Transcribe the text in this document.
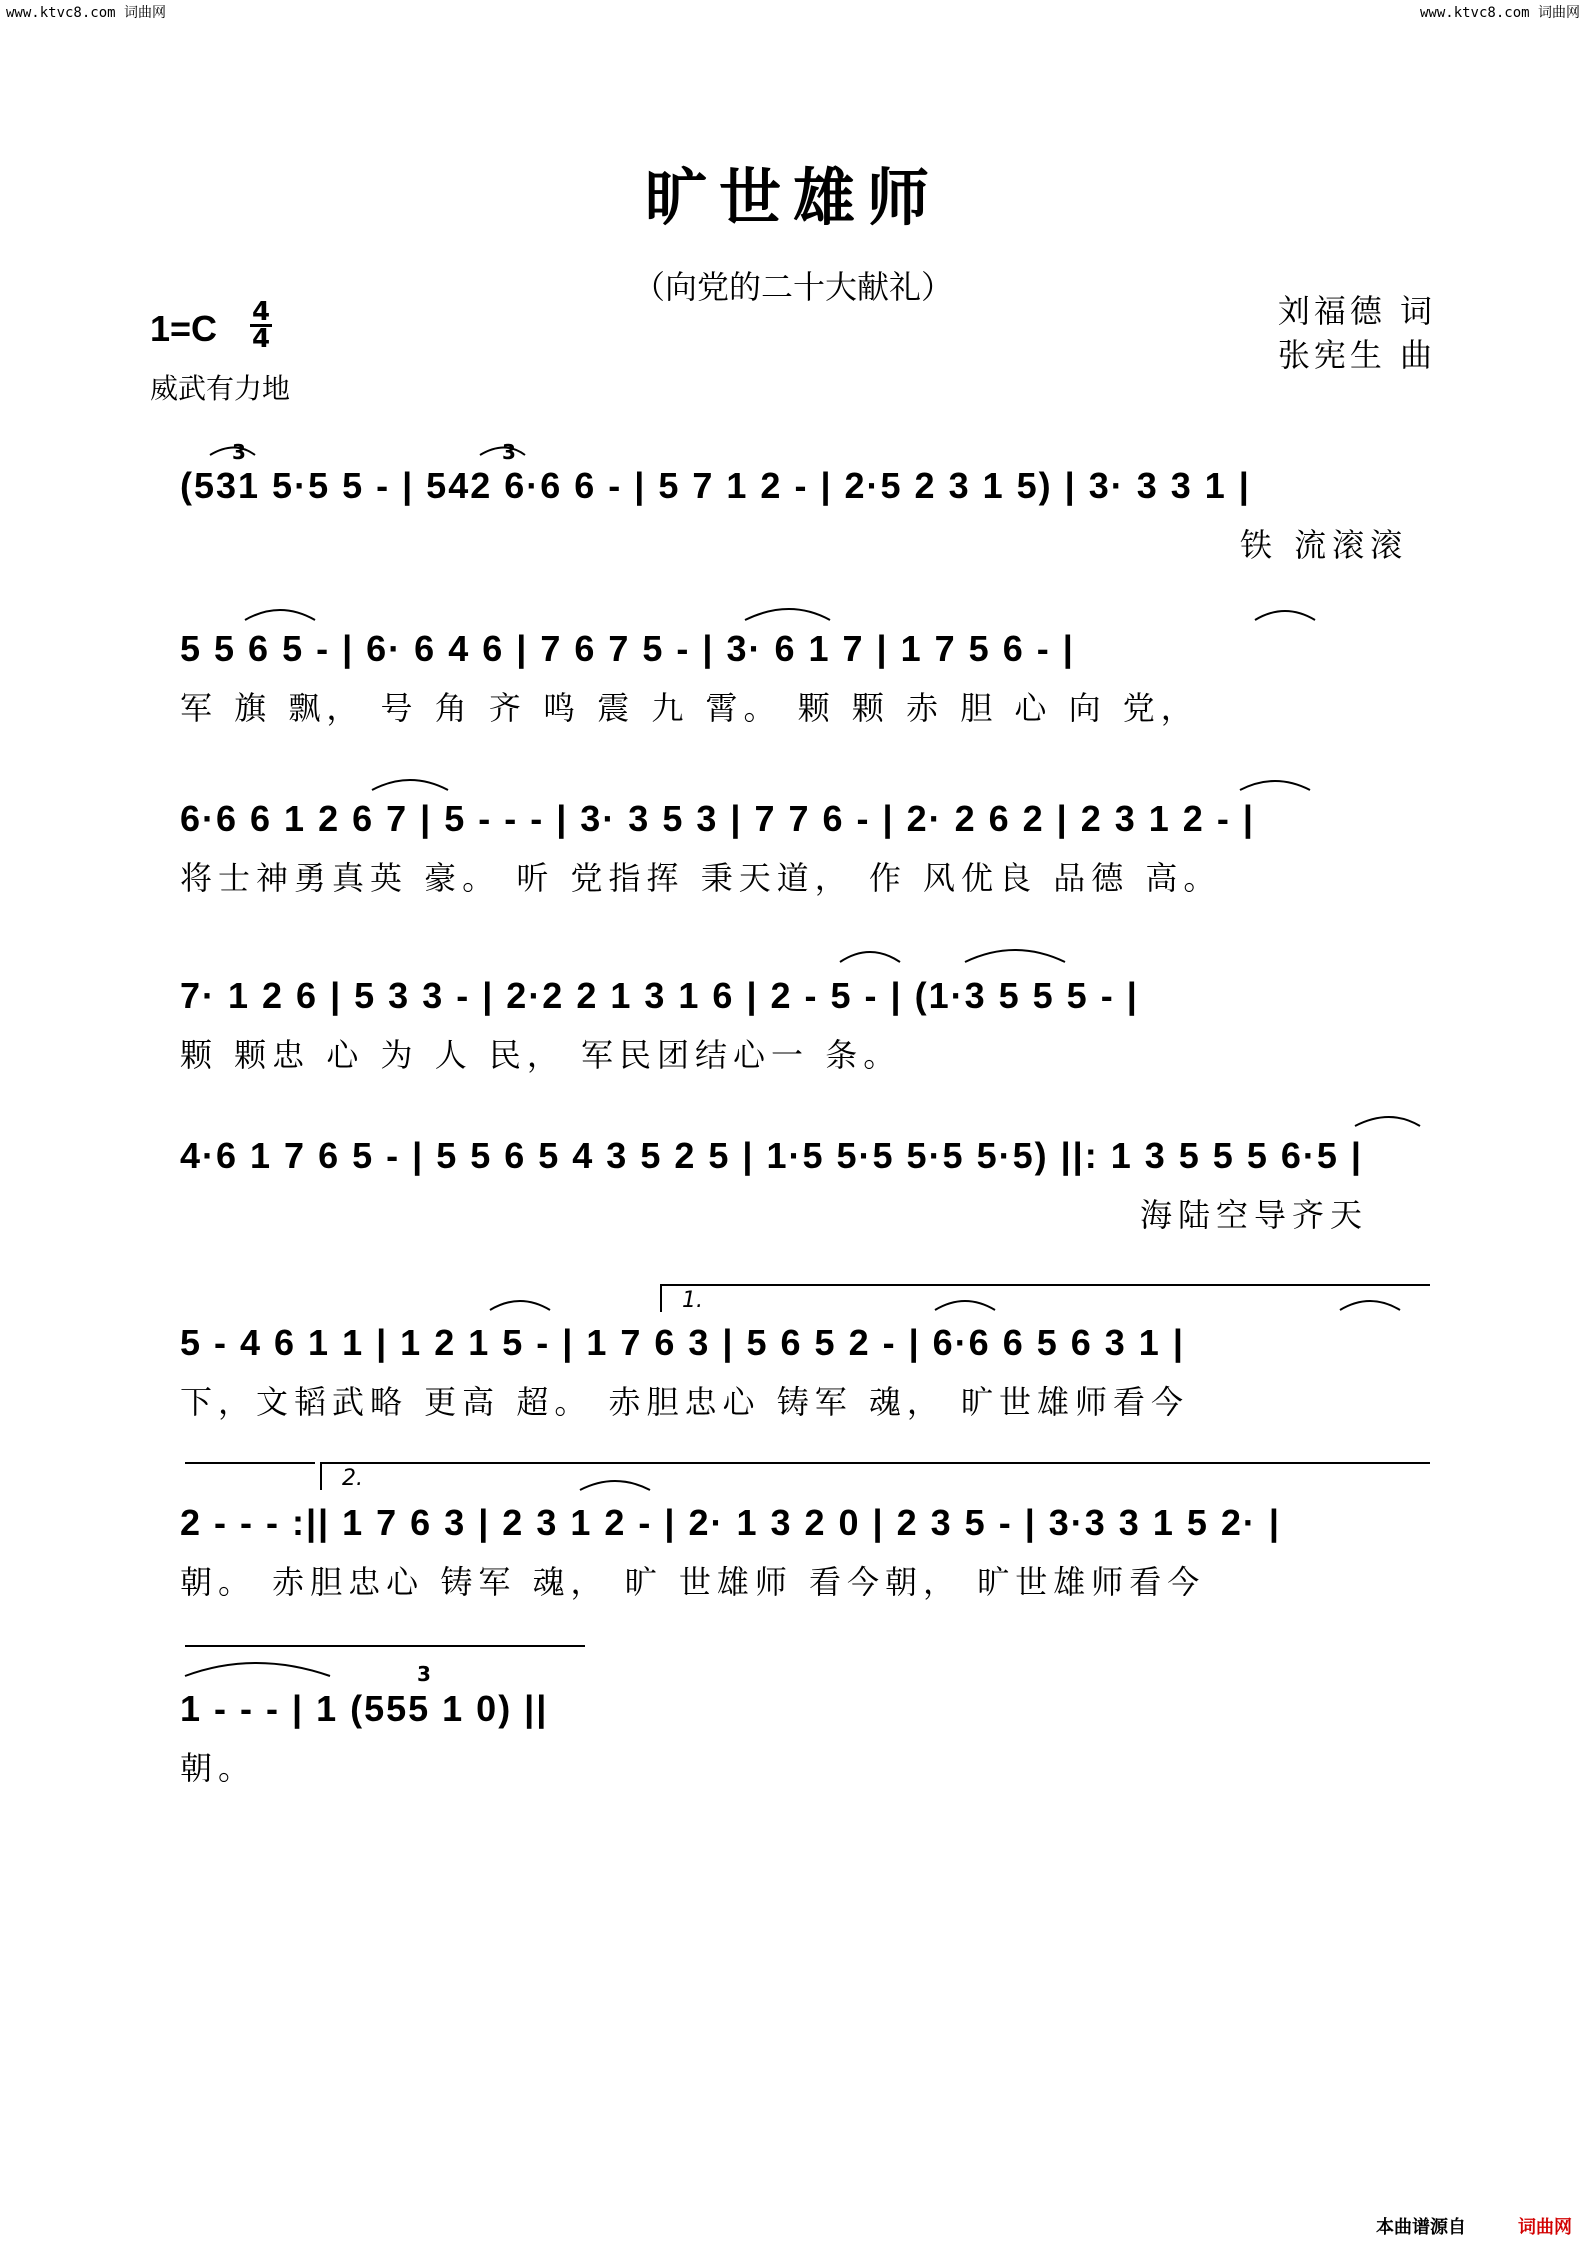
www.ktvc8.com 词曲网	www.ktvc8.com 词曲网
旷世雄师
（向党的二十大献礼）
刘福德 词
张宪生 曲
1=C 4
4
威武有力地
(531 5·5 5 - | 542 6·6 6 - | 5 7 1 2 - | 2·5 2 3 1 5) | 3· 3 3 1 |
铁 流滚滚
5 5 6 5 - | 6· 6 4 6 | 7 6 7 5 - | 3· 6 1 7 | 1 7 5 6 - |
军 旗 飘， 号 角 齐 鸣 震 九 霄。 颗 颗 赤 胆 心 向 党，
6·6 6 1 2 6 7 | 5 - - - | 3· 3 5 3 | 7 7 6 - | 2· 2 6 2 | 2 3 1 2 - |
将士神勇真英 豪。 听 党指挥 秉天道， 作 风优良 品德 高。
7· 1 2 6 | 5 3 3 - | 2·2 2 1 3 1 6 | 2 - 5 - | (1·3 5 5 5 - |
颗 颗忠 心 为 人 民， 军民团结心一 条。
4·6 1 7 6 5 - | 5 5 6 5 4 3 5 2 5 | 1·5 5·5 5·5 5·5) ||: 1 3 5 5 5 6·5 |
海陆空导齐天
1.
5 - 4 6 1 1 | 1 2 1 5 - | 1 7 6 3 | 5 6 5 2 - | 6·6 6 5 6 3 1 |
下，文韬武略 更高 超。 赤胆忠心 铸军 魂， 旷世雄师看今
2.
2 - - - :|| 1 7 6 3 | 2 3 1 2 - | 2· 1 3 2 0 | 2 3 5 - | 3·3 3 1 5 2· |
朝。 赤胆忠心 铸军 魂， 旷 世雄师 看今朝， 旷世雄师看今
1 - - - | 1 (555 1 0) ||
朝。
3	3
3
本曲谱源自	词曲网
